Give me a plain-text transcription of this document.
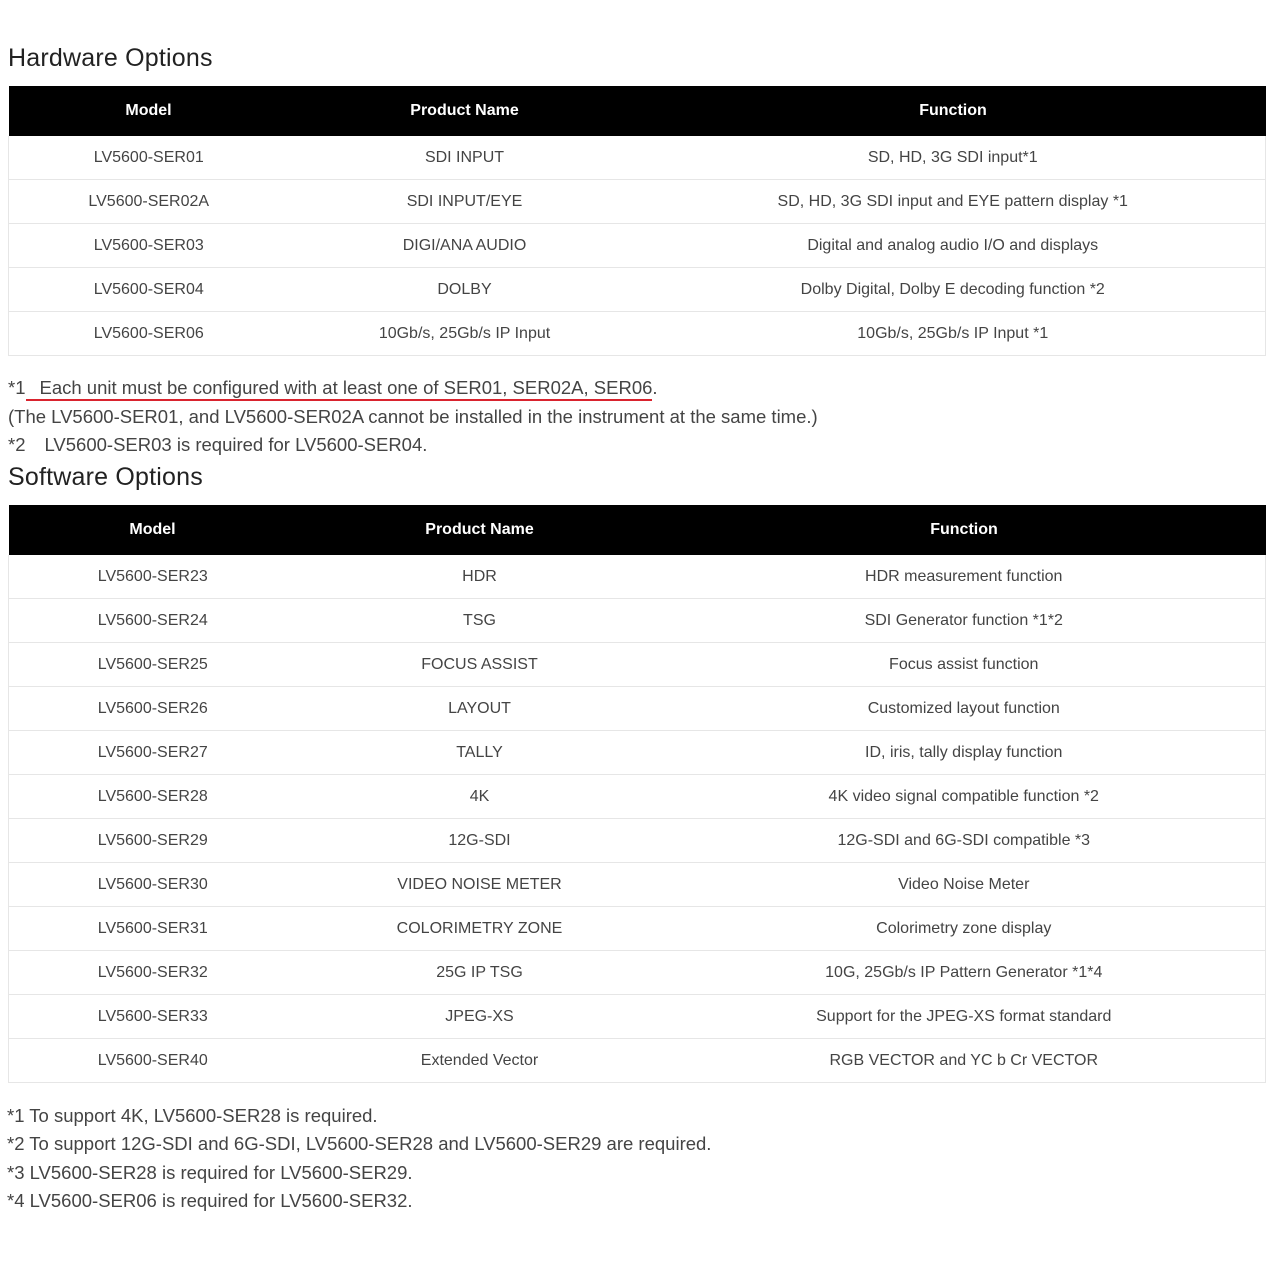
Hardware Options
Model	Product Name	Function
LV5600-SER01	SDI INPUT	SD, HD, 3G SDI input*1
LV5600-SER02A	SDI INPUT/EYE	SD, HD, 3G SDI input and EYE pattern display *1
LV5600-SER03	DIGI/ANA AUDIO	Digital and analog audio I/O and displays
LV5600-SER04	DOLBY	Dolby Digital, Dolby E decoding function *2
LV5600-SER06	10Gb/s, 25Gb/s IP Input	10Gb/s, 25Gb/s IP Input *1
*1 Each unit must be configured with at least one of SER01, SER02A, SER06.
(The LV5600-SER01, and LV5600-SER02A cannot be installed in the instrument at the same time.)
*2 LV5600-SER03 is required for LV5600-SER04.
Software Options
Model	Product Name	Function
LV5600-SER23	HDR	HDR measurement function
LV5600-SER24	TSG	SDI Generator function *1*2
LV5600-SER25	FOCUS ASSIST	Focus assist function
LV5600-SER26	LAYOUT	Customized layout function
LV5600-SER27	TALLY	ID, iris, tally display function
LV5600-SER28	4K	4K video signal compatible function *2
LV5600-SER29	12G-SDI	12G-SDI and 6G-SDI compatible *3
LV5600-SER30	VIDEO NOISE METER	Video Noise Meter
LV5600-SER31	COLORIMETRY ZONE	Colorimetry zone display
LV5600-SER32	25G IP TSG	10G, 25Gb/s IP Pattern Generator *1*4
LV5600-SER33	JPEG-XS	Support for the JPEG-XS format standard
LV5600-SER40	Extended Vector	RGB VECTOR and YC b Cr VECTOR
*1 To support 4K, LV5600-SER28 is required.
*2 To support 12G-SDI and 6G-SDI, LV5600-SER28 and LV5600-SER29 are required.
*3 LV5600-SER28 is required for LV5600-SER29.
*4 LV5600-SER06 is required for LV5600-SER32.
